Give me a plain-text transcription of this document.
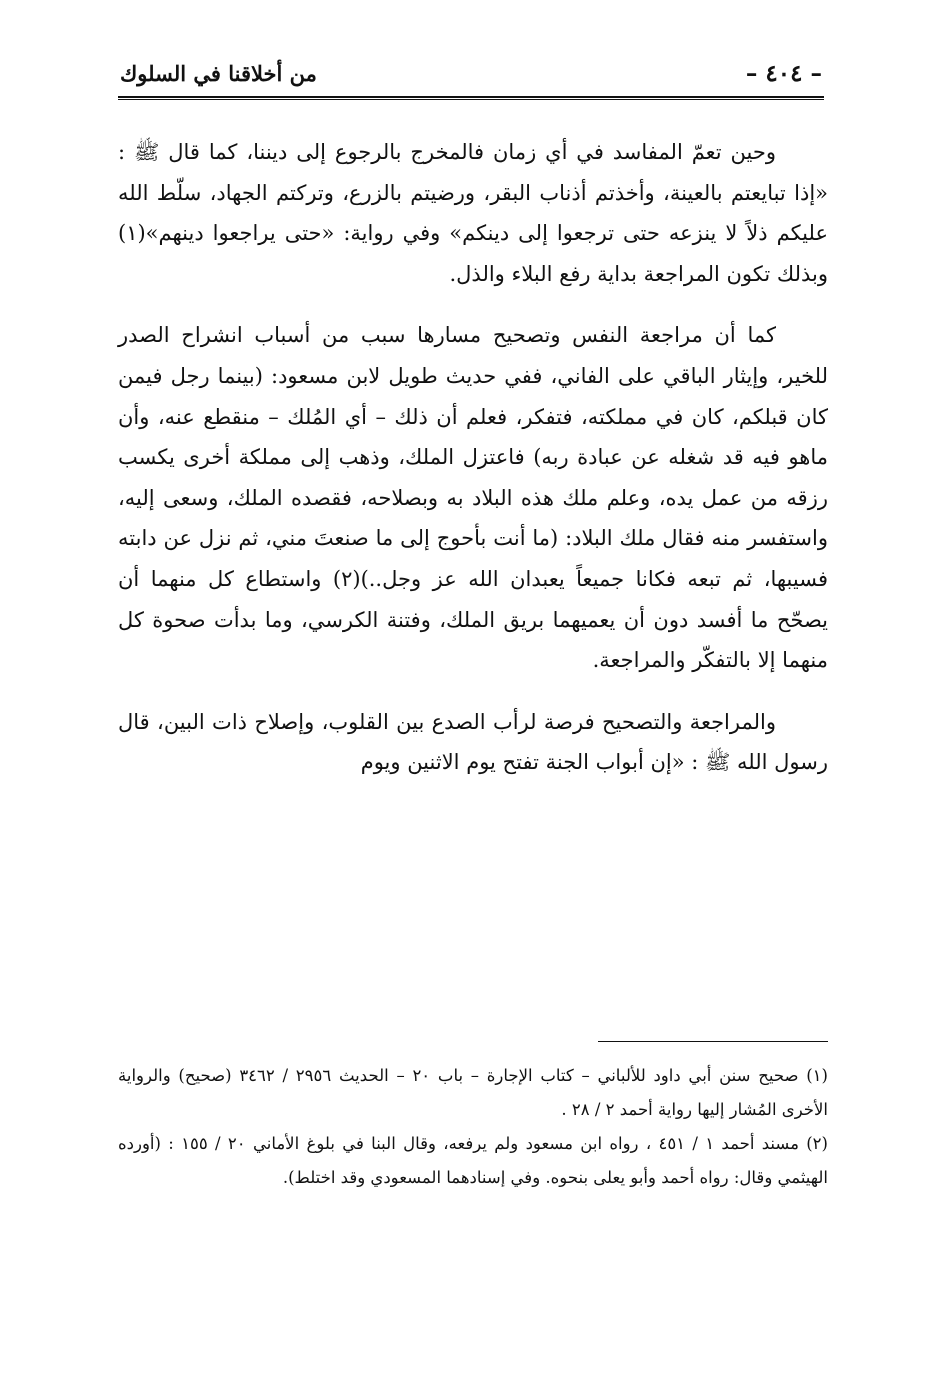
– ٤٠٤ –
من أخلاقنا في السلوك

وحين تعمّ المفاسد في أي زمان فالمخرج بالرجوع إلى ديننا، كما قال ﷺ : «إذا تبايعتم بالعينة، وأخذتم أذناب البقر، ورضيتم بالزرع، وتركتم الجهاد، سلّط الله عليكم ذلاً لا ينزعه حتى ترجعوا إلى دينكم» وفي رواية: «حتى يراجعوا دينهم»(١) وبذلك تكون المراجعة بداية رفع البلاء والذل.

كما أن مراجعة النفس وتصحيح مسارها سبب من أسباب انشراح الصدر للخير، وإيثار الباقي على الفاني، ففي حديث طويل لابن مسعود: (بينما رجل فيمن كان قبلكم، كان في مملكته، فتفكر، فعلم أن ذلك – أي المُلك – منقطع عنه، وأن ماهو فيه قد شغله عن عبادة ربه) فاعتزل الملك، وذهب إلى مملكة أخرى يكسب رزقه من عمل يده، وعلم ملك هذه البلاد به وبصلاحه، فقصده الملك، وسعى إليه، واستفسر منه فقال ملك البلاد: (ما أنت بأحوج إلى ما صنعتَ مني، ثم نزل عن دابته فسيبها، ثم تبعه فكانا جميعاً يعبدان الله عز وجل..)(٢) واستطاع كل منهما أن يصحّح ما أفسد دون أن يعميهما بريق الملك، وفتنة الكرسي، وما بدأت صحوة كل منهما إلا بالتفكّر والمراجعة.

والمراجعة والتصحيح فرصة لرأب الصدع بين القلوب، وإصلاح ذات البين، قال رسول الله ﷺ : «إن أبواب الجنة تفتح يوم الاثنين ويوم

(١) صحيح سنن أبي داود للألباني – كتاب الإجارة – باب ٢٠ – الحديث ٢٩٥٦ / ٣٤٦٢ (صحيح) والرواية الأخرى المُشار إليها رواية أحمد ٢ / ٢٨ .

(٢) مسند أحمد ١ / ٤٥١ ، رواه ابن مسعود ولم يرفعه، وقال البنا في بلوغ الأماني ٢٠ / ١٥٥ : (أورده الهيثمي وقال: رواه أحمد وأبو يعلى بنحوه. وفي إسنادهما المسعودي وقد اختلط).
